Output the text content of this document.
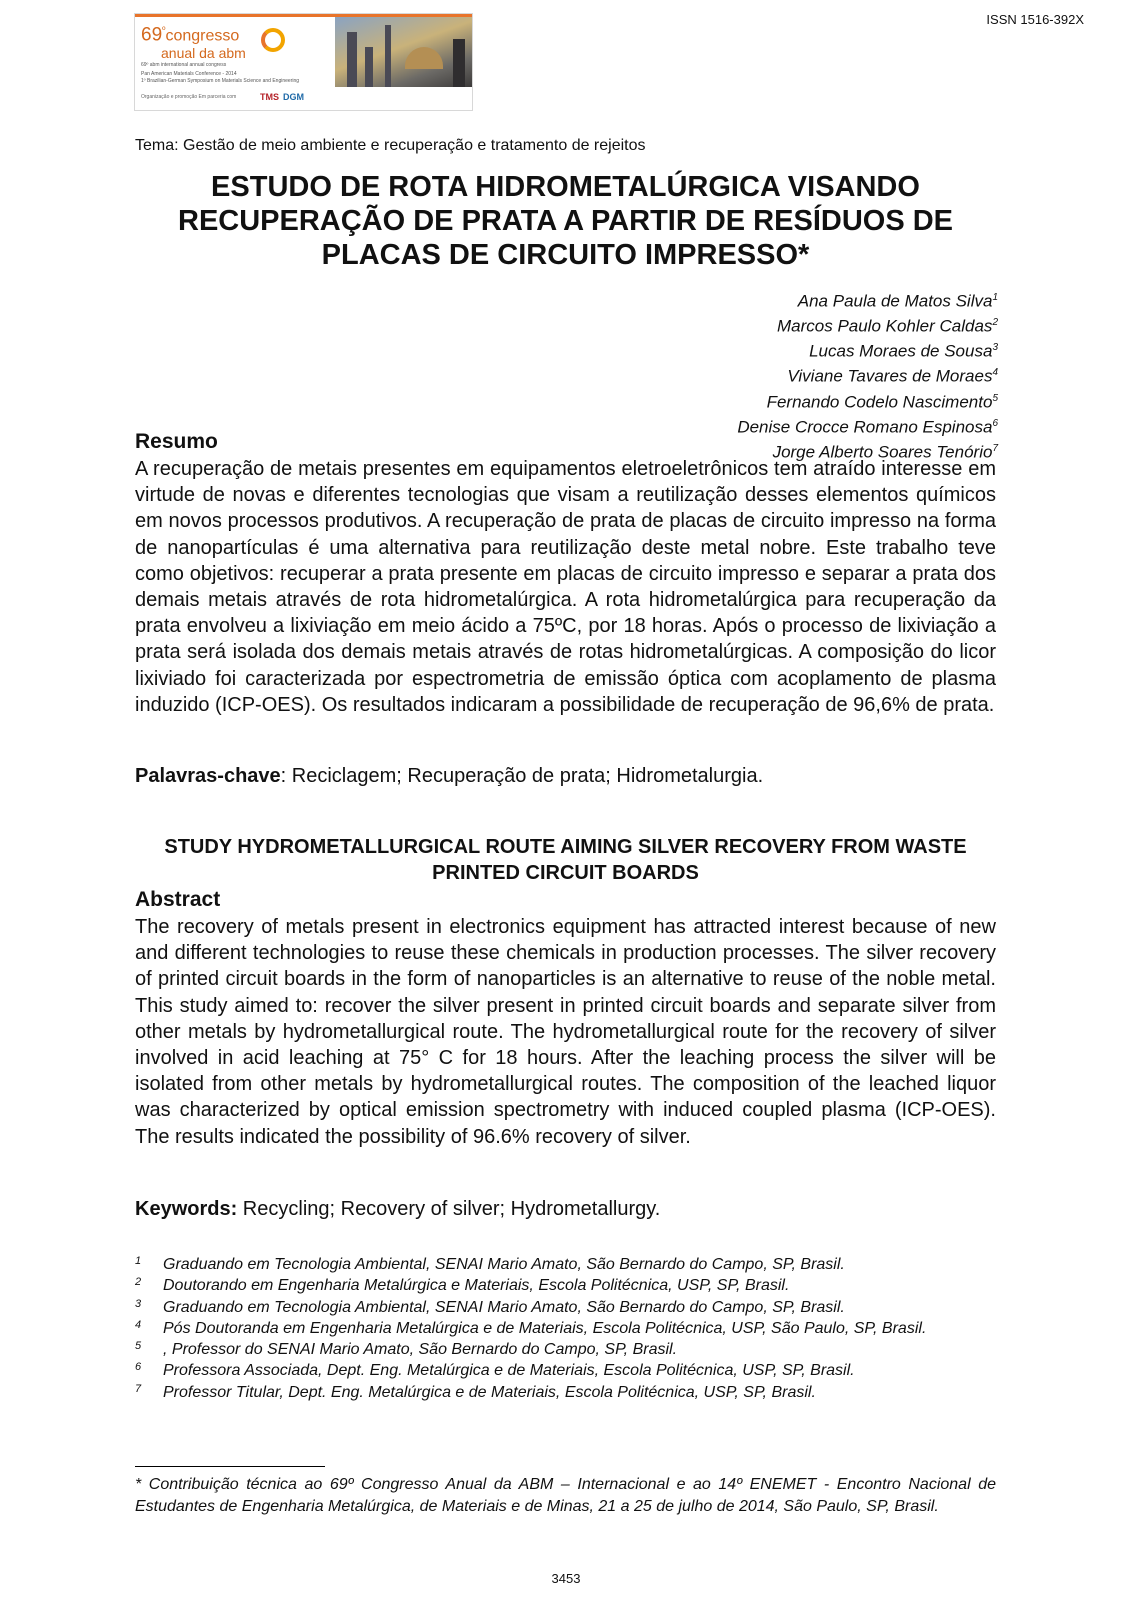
ISSN 1516-392X
$69^ºcongresso$
anual da abm
69º abm international annual congress
Pan American Materials Conference - 2014
1º Brazilian-German Symposium on Materials Science and Engineering
Organização e promoção Em parceria com	TMS DGM
Tema: Gestão de meio ambiente e recuperação e tratamento de rejeitos
ESTUDO DE ROTA HIDROMETALÚRGICA VISANDO RECUPERAÇÃO DE PRATA A PARTIR DE RESÍDUOS DE PLACAS DE CIRCUITO IMPRESSO*
Ana Paula de Matos Silva$^1$
Marcos Paulo Kohler Caldas$^2$
Lucas Moraes de Sousa$^3$
Viviane Tavares de Moraes$^4$
Fernando Codelo Nascimento$^5$
Denise Crocce Romano Espinosa$^6$
Jorge Alberto Soares Tenório$^7$
Resumo

A recuperação de metais presentes em equipamentos eletroeletrônicos tem atraído interesse em virtude de novas e diferentes tecnologias que visam a reutilização desses elementos químicos em novos processos produtivos. A recuperação de prata de placas de circuito impresso na forma de nanopartículas é uma alternativa para reutilização deste metal nobre. Este trabalho teve como objetivos: recuperar a prata presente em placas de circuito impresso e separar a prata dos demais metais através de rota hidrometalúrgica. A rota hidrometalúrgica para recuperação da prata envolveu a lixiviação em meio ácido a 75ºC, por 18 horas. Após o processo de lixiviação a prata será isolada dos demais metais através de rotas hidrometalúrgicas. A composição do licor lixiviado foi caracterizada por espectrometria de emissão óptica com acoplamento de plasma induzido (ICP-OES). Os resultados indicaram a possibilidade de recuperação de 96,6% de prata.

Palavras-chave: Reciclagem; Recuperação de prata; Hidrometalurgia.
STUDY HYDROMETALLURGICAL ROUTE AIMING SILVER RECOVERY FROM WASTE PRINTED CIRCUIT BOARDS
Abstract

The recovery of metals present in electronics equipment has attracted interest because of new and different technologies to reuse these chemicals in production processes. The silver recovery of printed circuit boards in the form of nanoparticles is an alternative to reuse of the noble metal. This study aimed to: recover the silver present in printed circuit boards and separate silver from other metals by hydrometallurgical route. The hydrometallurgical route for the recovery of silver involved in acid leaching at 75° C for 18 hours. After the leaching process the silver will be isolated from other metals by hydrometallurgical routes. The composition of the leached liquor was characterized by optical emission spectrometry with induced coupled plasma (ICP-OES). The results indicated the possibility of 96.6% recovery of silver.

Keywords: Recycling; Recovery of silver; Hydrometallurgy.
1 Graduando em Tecnologia Ambiental, SENAI Mario Amato, São Bernardo do Campo, SP, Brasil.
2 Doutorando em Engenharia Metalúrgica e Materiais, Escola Politécnica, USP, SP, Brasil.
3 Graduando em Tecnologia Ambiental, SENAI Mario Amato, São Bernardo do Campo, SP, Brasil.
4 Pós Doutoranda em Engenharia Metalúrgica e de Materiais, Escola Politécnica, USP, São Paulo, SP, Brasil.
5 , Professor do SENAI Mario Amato, São Bernardo do Campo, SP, Brasil.
6 Professora Associada, Dept. Eng. Metalúrgica e de Materiais, Escola Politécnica, USP, SP, Brasil.
7 Professor Titular, Dept. Eng. Metalúrgica e de Materiais, Escola Politécnica, USP, SP, Brasil.

* Contribuição técnica ao 69º Congresso Anual da ABM – Internacional e ao 14º ENEMET - Encontro Nacional de Estudantes de Engenharia Metalúrgica, de Materiais e de Minas, 21 a 25 de julho de 2014, São Paulo, SP, Brasil.

3453
